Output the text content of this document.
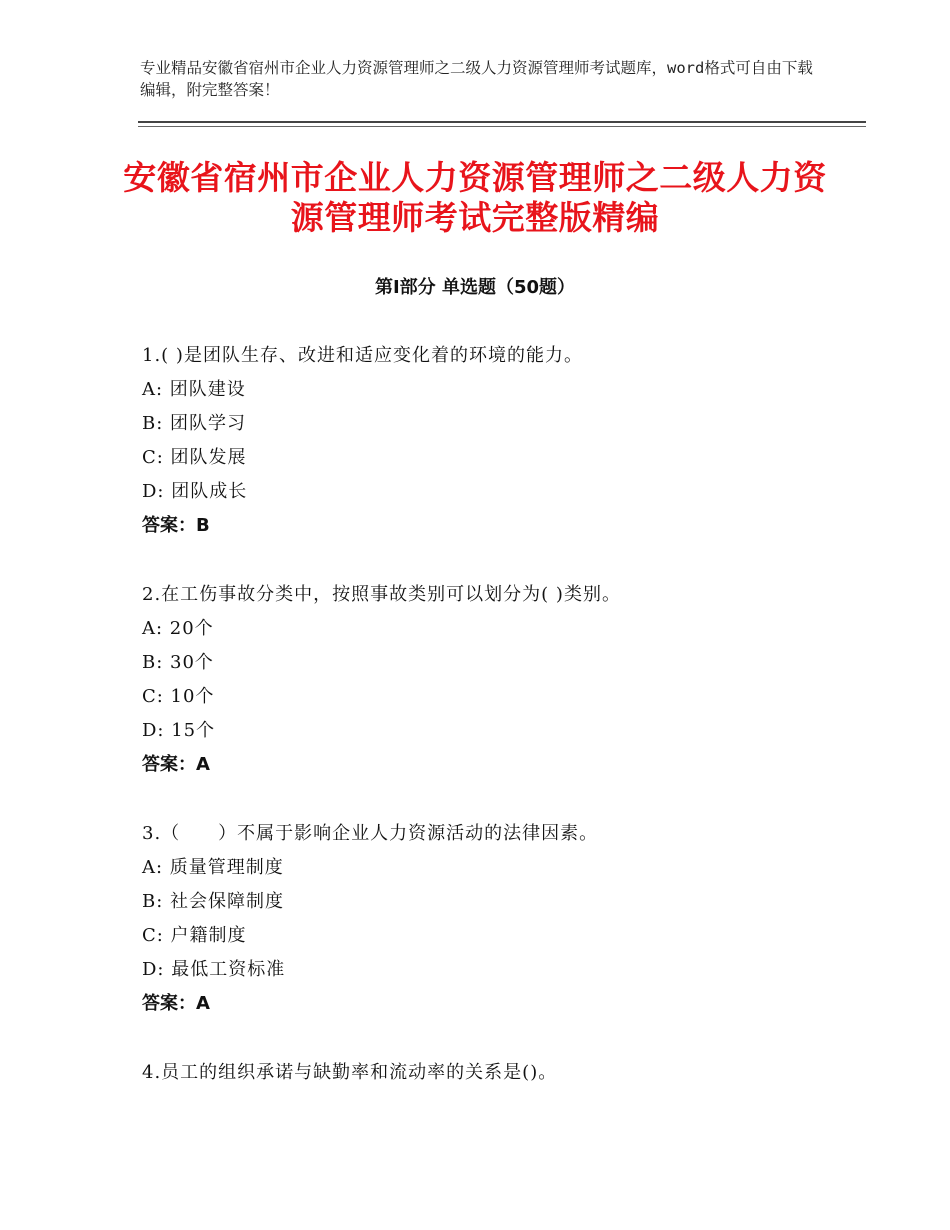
专业精品安徽省宿州市企业人力资源管理师之二级人力资源管理师考试题库，word格式可自由下载编辑，附完整答案！
安徽省宿州市企业人力资源管理师之二级人力资源管理师考试完整版精编
第Ⅰ部分 单选题（50题）
1.( )是团队生存、改进和适应变化着的环境的能力。
A: 团队建设
B: 团队学习
C: 团队发展
D: 团队成长
答案：B
2.在工伤事故分类中，按照事故类别可以划分为( )类别。
A: 20个
B: 30个
C: 10个
D: 15个
答案：A
3.（　　）不属于影响企业人力资源活动的法律因素。
A: 质量管理制度
B: 社会保障制度
C: 户籍制度
D: 最低工资标准
答案：A
4.员工的组织承诺与缺勤率和流动率的关系是()。
